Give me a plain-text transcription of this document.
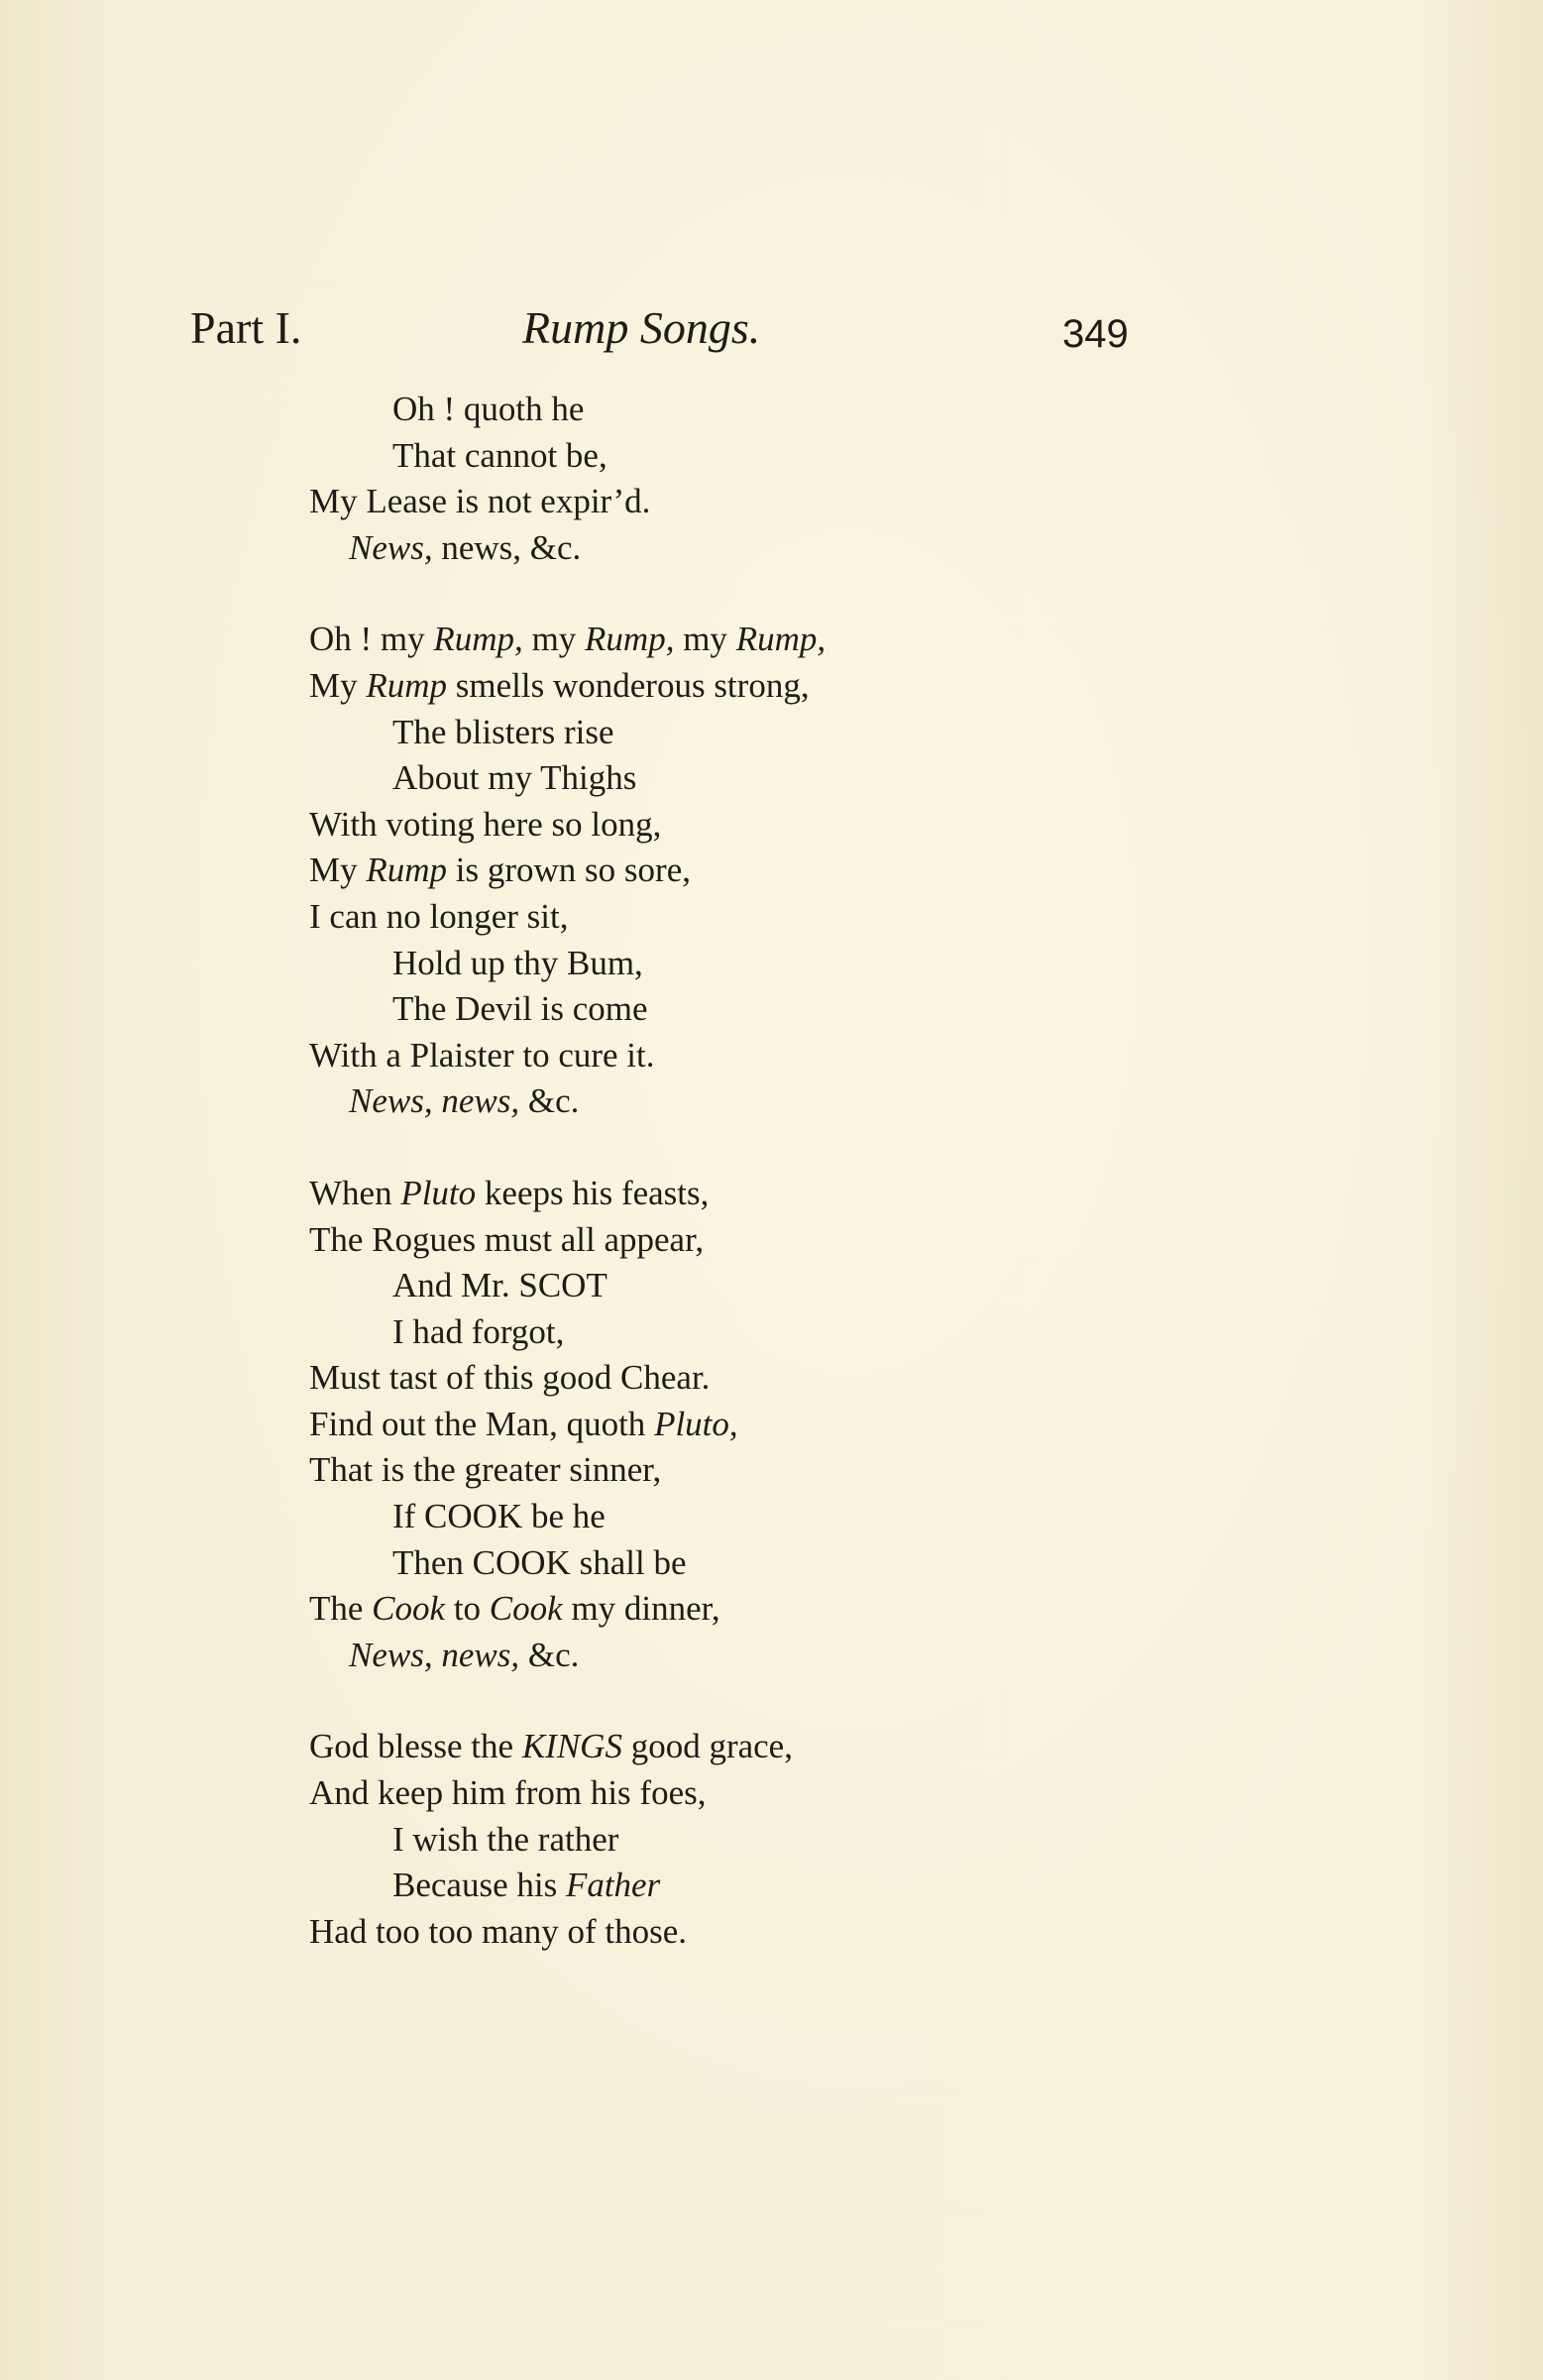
Part I.	Rump Songs.	349
Oh ! quoth he
That cannot be,
My Lease is not expir’d.
News, news, &c.
Oh ! my Rump, my Rump, my Rump,
My Rump smells wonderous strong,
The blisters rise
About my Thighs
With voting here so long,
My Rump is grown so sore,
I can no longer sit,
Hold up thy Bum,
The Devil is come
With a Plaister to cure it.
News, news, &c.
When Pluto keeps his feasts,
The Rogues must all appear,
And Mr. SCOT
I had forgot,
Must tast of this good Chear.
Find out the Man, quoth Pluto,
That is the greater sinner,
If COOK be he
Then COOK shall be
The Cook to Cook my dinner,
News, news, &c.
God blesse the KINGS good grace,
And keep him from his foes,
I wish the rather
Because his Father
Had too too many of those.
